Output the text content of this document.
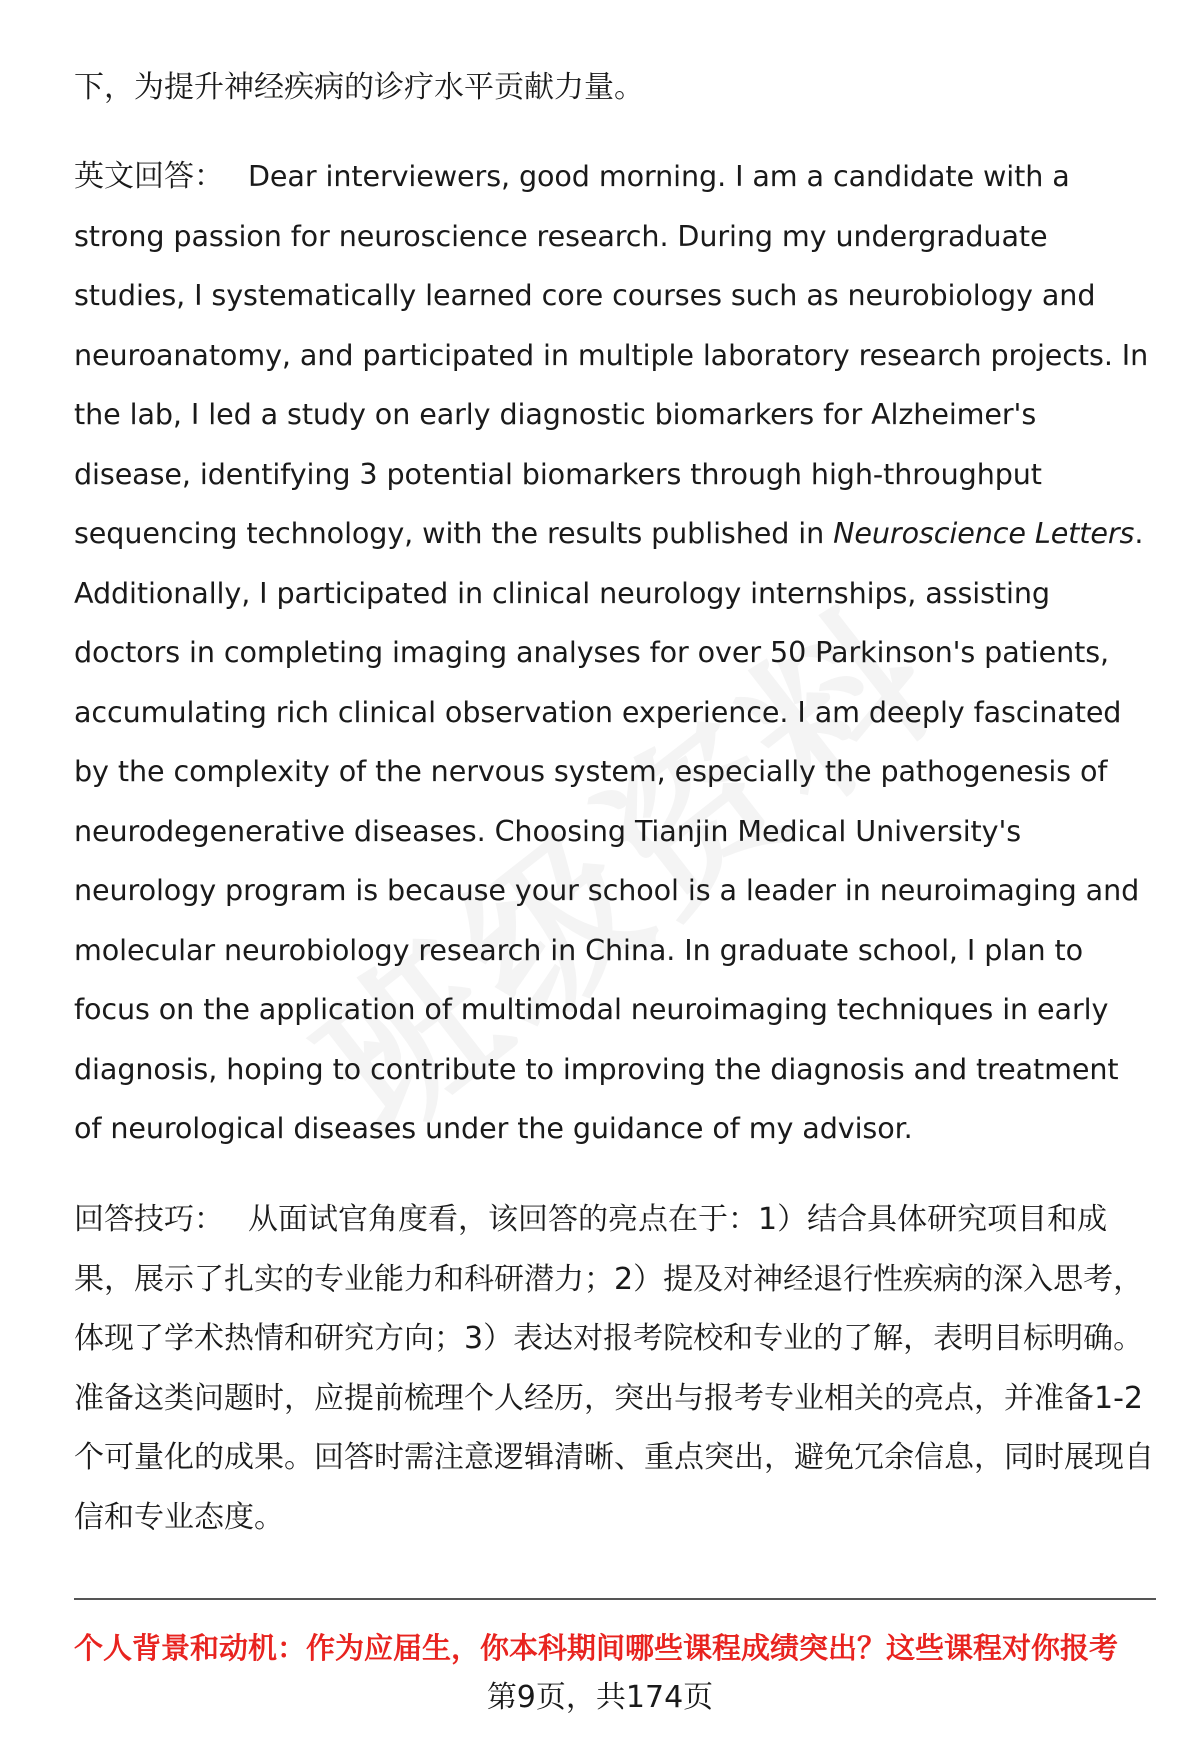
下，为提升神经疾病的诊疗水平贡献力量。

英文回答： Dear interviewers, good morning. I am a candidate with a strong passion for neuroscience research. During my undergraduate studies, I systematically learned core courses such as neurobiology and neuroanatomy, and participated in multiple laboratory research projects. In the lab, I led a study on early diagnostic biomarkers for Alzheimer's disease, identifying 3 potential biomarkers through high-throughput sequencing technology, with the results published in Neuroscience Letters. Additionally, I participated in clinical neurology internships, assisting doctors in completing imaging analyses for over 50 Parkinson's patients, accumulating rich clinical observation experience. I am deeply fascinated by the complexity of the nervous system, especially the pathogenesis of neurodegenerative diseases. Choosing Tianjin Medical University's neurology program is because your school is a leader in neuroimaging and molecular neurobiology research in China. In graduate school, I plan to focus on the application of multimodal neuroimaging techniques in early diagnosis, hoping to contribute to improving the diagnosis and treatment of neurological diseases under the guidance of my advisor.

回答技巧： 从面试官角度看，该回答的亮点在于：1）结合具体研究项目和成果，展示了扎实的专业能力和科研潜力；2）提及对神经退行性疾病的深入思考，体现了学术热情和研究方向；3）表达对报考院校和专业的了解，表明目标明确。准备这类问题时，应提前梳理个人经历，突出与报考专业相关的亮点，并准备1-2个可量化的成果。回答时需注意逻辑清晰、重点突出，避免冗余信息，同时展现自信和专业态度。

个人背景和动机：作为应届生，你本科期间哪些课程成绩突出？这些课程对你报考
第9页，共174页
